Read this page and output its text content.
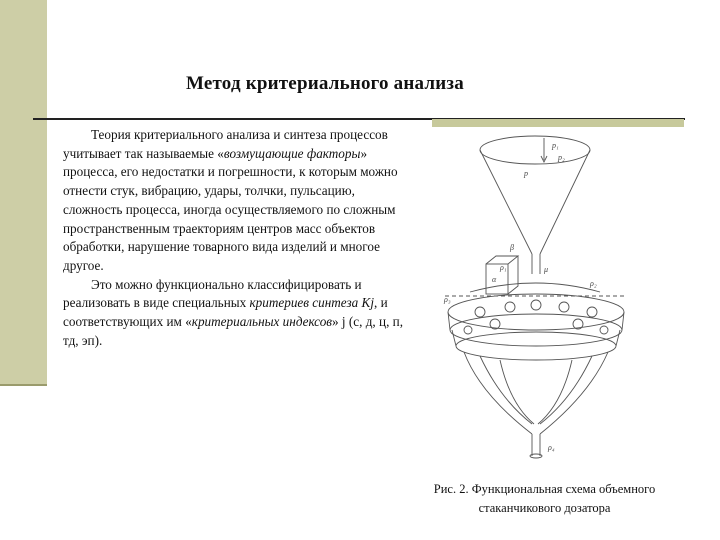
Метод критериального анализа

Теория критериального анализа и синтеза процессов учитывает так называемые «возмущающие факторы» процесса, его недостатки и погрешности, к которым можно отнести стук, вибрацию, удары, толчки, пульсацию, сложность процесса, иногда осуществляемого по сложным пространственным траекториям центров масс объектов обработки, нарушение товарного вида изделий и многое другое.

Это можно функционально классифицировать и реализовать в виде специальных критериев синтеза Kj, и соответствующих им «критериальных индексов» j (с, д, ц, п, тд, эп).

р₁
р₂
р
α
β
μ
ρ₁
ρ₂
ρ₃
ρ₄
Рис. 2. Функциональная схема объемного
стаканчикового дозатора
